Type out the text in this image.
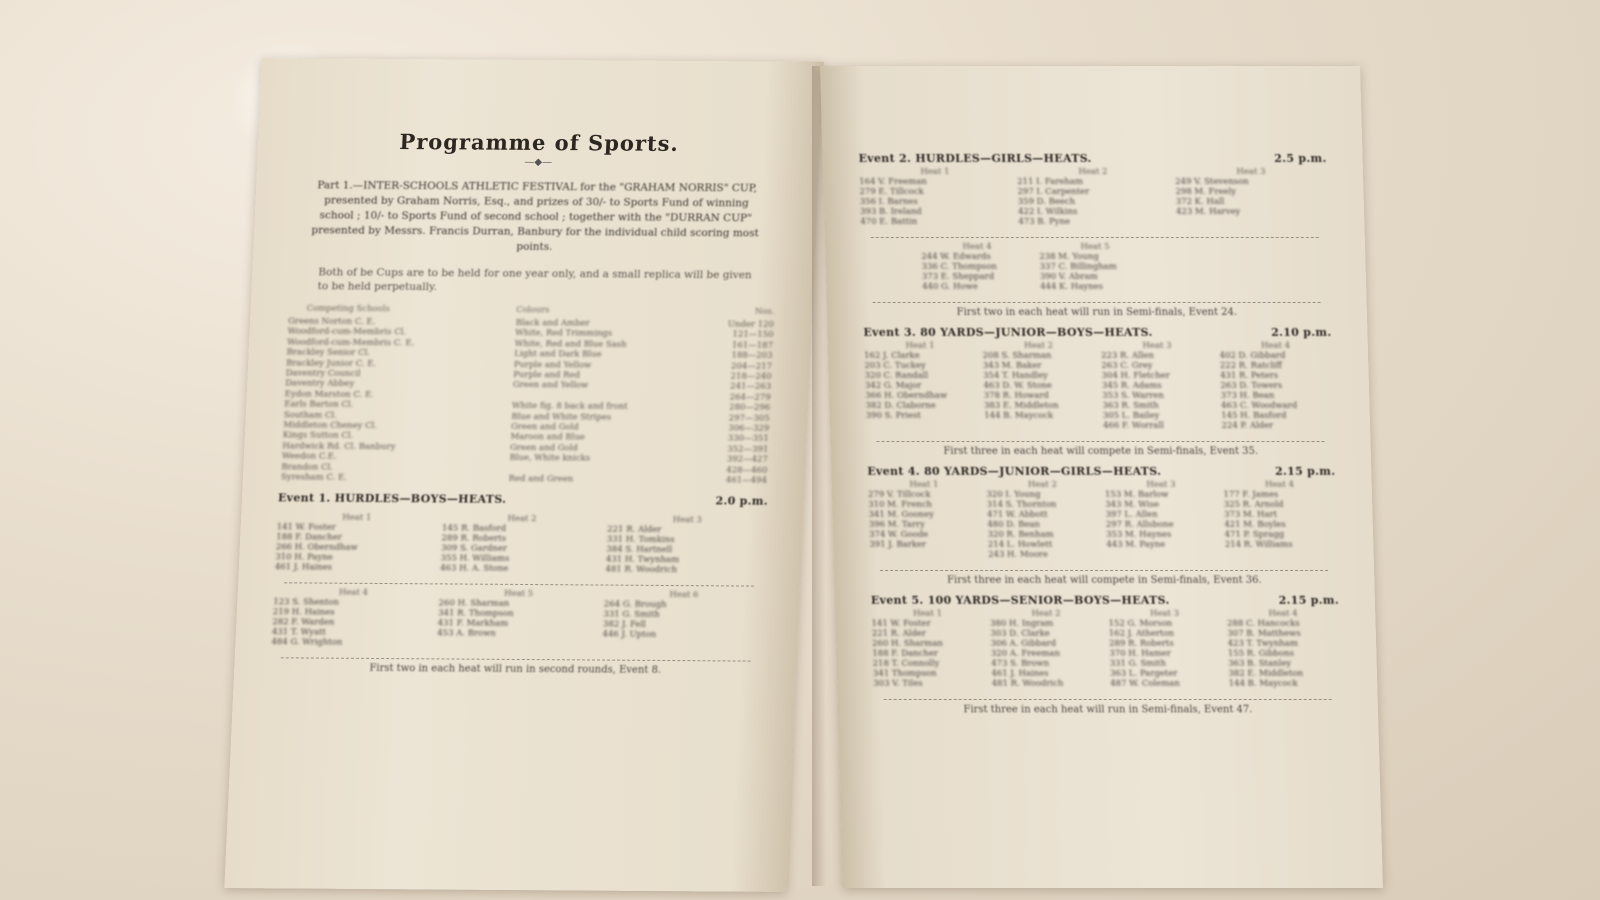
Programme of Sports.
—◆—
Part 1.—INTER-SCHOOLS ATHLETIC FESTIVAL for the "GRAHAM NORRIS" CUP, presented by Graham Norris, Esq., and prizes of 30/- to Sports Fund of winning school ; 10/- to Sports Fund of second school ; together with the "DURRAN CUP" presented by Messrs. Francis Durran, Banbury for the individual child scoring most points.
Both of be Cups are to be held for one year only, and a small replica will be given to be held perpetually.
Competing Schools	Colours	Nos.
Greens Norton C. E.	Black and Amber	Under 120
Woodford-cum-Membris Cl.	White, Red Trimmings	121—150
Woodford-cum-Membris C. E.	White, Red and Blue Sash	161—187
Brackley Senior Cl.	Light and Dark Blue	188—203
Brackley Junior C. E.	Purple and Yellow	204—217
Daventry Council	Purple and Red	218—240
Daventry Abbey	Green and Yellow	241—263
Eydon Marston C. E.		264—279
Earls Barton Cl.	White fig. 8 back and front	280—296
Southam Cl.	Blue and White Stripes	297—305
Middleton Cheney Cl.	Green and Gold	306—329
Kings Sutton Cl.	Maroon and Blue	330—351
Hardwick Rd. Cl. Banbury	Green and Gold	352—391
Weedon C.E.	Blue, White knicks	392—427
Brandon Cl.		428—460
Syresham C. E.	Red and Green	461—494
Event 1. HURDLES—BOYS—HEATS.	2.0 p.m.
Heat 1
141 W. Foster
188 F. Dancher
266 H. Oberndhaw
310 H. Payne
461 J. Haines
Heat 2
145 R. Basford
289 R. Roberts
309 S. Gardner
355 H. Williams
463 H. A. Stone
Heat 3
221 R. Alder
331 H. Tomkins
384 S. Hartnell
431 H. Twynham
481 R. Woodrich
Heat 4
123 S. Shenton
219 H. Haines
282 F. Warden
431 T. Wyatt
484 G. Wrighton
Heat 5
260 H. Sharman
341 R. Thompson
431 F. Markham
453 A. Brown
Heat 6
264 G. Brough
331 G. Smith
382 J. Fell
446 J. Upton
First two in each heat will run in second rounds, Event 8.
Event 2. HURDLES—GIRLS—HEATS.	2.5 p.m.
Heat 1
164 V. Freeman
279 E. Tillcock
356 I. Barnes
393 B. Ireland
470 E. Battin
Heat 2
211 I. Fareham
297 I. Carpenter
359 D. Beech
422 I. Wilkins
473 B. Pyne
Heat 3
249 V. Stevenson
298 M. Freely
372 K. Hall
423 M. Harvey
Heat 4
244 W. Edwards
336 C. Thompson
373 E. Sheppard
440 G. Howe
Heat 5
238 M. Young
337 C. Billingham
390 V. Abram
444 K. Haynes
First two in each heat will run in Semi-finals, Event 24.
Event 3. 80 YARDS—JUNIOR—BOYS—HEATS.	2.10 p.m.
Heat 1
162 J. Clarke
203 C. Tuckey
320 C. Randall
342 G. Major
366 H. Oberndhaw
382 D. Claborne
390 S. Priest
Heat 2
208 S. Sharman
343 M. Baker
354 T. Handley
463 D. W. Stone
378 R. Howard
383 E. Middleton
144 B. Maycock
Heat 3
223 R. Allen
263 C. Grey
304 H. Fletcher
345 R. Adams
353 S. Warren
363 R. Smith
305 L. Bailey
466 F. Worrall
Heat 4
402 D. Gibbard
222 R. Ratcliff
431 R. Peters
263 D. Towers
373 H. Bean
463 C. Woodward
145 H. Basford
224 P. Alder
First three in each heat will compete in Semi-finals, Event 35.
Event 4. 80 YARDS—JUNIOR—GIRLS—HEATS.	2.15 p.m.
Heat 1
279 V. Tillcock
310 M. French
341 M. Gooney
396 M. Tarry
374 W. Goode
391 J. Barker
Heat 2
320 I. Young
314 S. Thornton
471 W. Abbott
480 D. Bean
320 R. Benham
214 L. Howlett
243 H. Moore
Heat 3
153 M. Barlow
343 M. Wise
397 L. Allen
297 R. Allsbone
353 M. Haynes
443 M. Payne
Heat 4
177 F. James
325 R. Arnold
373 M. Hart
421 M. Boyles
471 P. Spragg
214 R. Williams
First three in each heat will compete in Semi-finals, Event 36.
Event 5. 100 YARDS—SENIOR—BOYS—HEATS.	2.15 p.m.
Heat 1
141 W. Foster
221 R. Alder
260 H. Sharman
188 F. Dancher
218 T. Connolly
341 Thompson
303 V. Tiles
Heat 2
380 H. Ingram
303 D. Clarke
306 A. Gibbard
320 A. Freeman
473 S. Brown
461 J. Haines
481 R. Woodrich
Heat 3
152 G. Morson
162 J. Atherton
289 R. Roberts
370 H. Hamer
331 G. Smith
363 L. Pargeter
487 W. Coleman
Heat 4
288 C. Hancocks
307 B. Matthews
423 T. Twynham
155 R. Gibbons
363 B. Stanley
382 E. Middleton
144 B. Maycock
First three in each heat will run in Semi-finals, Event 47.
